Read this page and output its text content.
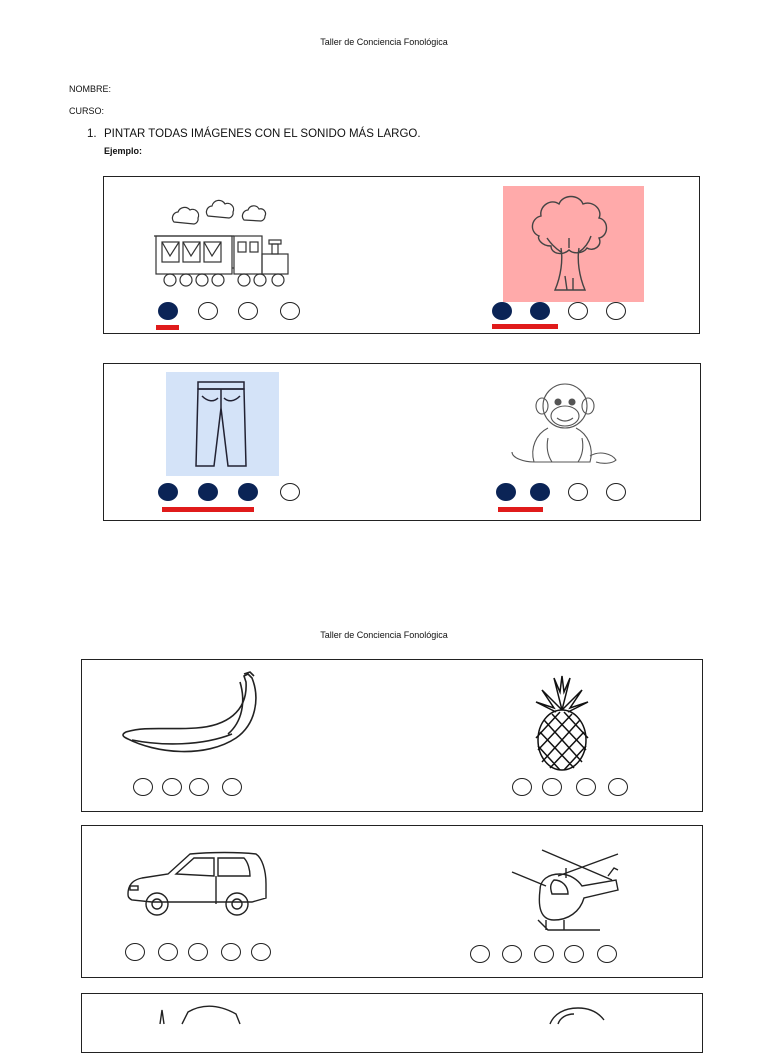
Taller de Conciencia Fonológica
NOMBRE:
CURSO:
1. PINTAR TODAS IMÁGENES CON EL SONIDO MÁS LARGO.
Ejemplo:
Taller de Conciencia Fonológica
